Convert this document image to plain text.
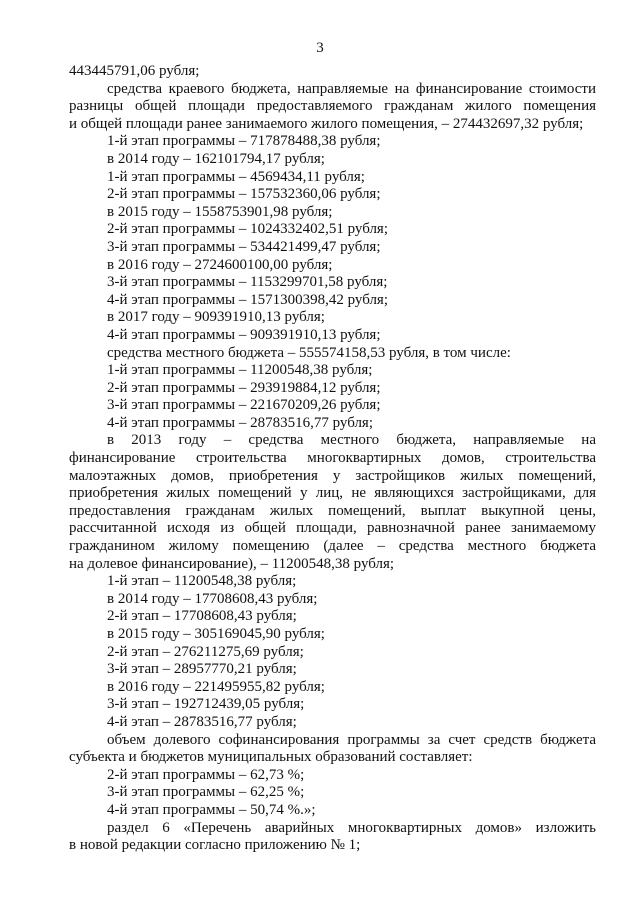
3
443445791,06 рубля;
средства краевого бюджета, направляемые на финансирование стоимости
разницы общей площади предоставляемого гражданам жилого помещения
и общей площади ранее занимаемого жилого помещения, – 274432697,32 рубля;
1-й этап программы – 717878488,38 рубля;
в 2014 году – 162101794,17 рубля;
1-й этап программы – 4569434,11 рубля;
2-й этап программы – 157532360,06 рубля;
в 2015 году – 1558753901,98 рубля;
2-й этап программы – 1024332402,51 рубля;
3-й этап программы – 534421499,47 рубля;
в 2016 году – 2724600100,00 рубля;
3-й этап программы – 1153299701,58 рубля;
4-й этап программы – 1571300398,42 рубля;
в 2017 году – 909391910,13 рубля;
4-й этап программы – 909391910,13 рубля;
средства местного бюджета – 555574158,53 рубля, в том числе:
1-й этап программы – 11200548,38 рубля;
2-й этап программы – 293919884,12 рубля;
3-й этап программы – 221670209,26 рубля;
4-й этап программы – 28783516,77 рубля;
в 2013 году – средства местного бюджета, направляемые на
финансирование строительства многоквартирных домов, строительства
малоэтажных домов, приобретения у застройщиков жилых помещений,
приобретения жилых помещений у лиц, не являющихся застройщиками, для
предоставления гражданам жилых помещений, выплат выкупной цены,
рассчитанной исходя из общей площади, равнозначной ранее занимаемому
гражданином жилому помещению (далее – средства местного бюджета
на долевое финансирование), – 11200548,38 рубля;
1-й этап – 11200548,38 рубля;
в 2014 году – 17708608,43 рубля;
2-й этап – 17708608,43 рубля;
в 2015 году – 305169045,90 рубля;
2-й этап – 276211275,69 рубля;
3-й этап – 28957770,21 рубля;
в 2016 году – 221495955,82 рубля;
3-й этап – 192712439,05 рубля;
4-й этап – 28783516,77 рубля;
объем долевого софинансирования программы за счет средств бюджета
субъекта и бюджетов муниципальных образований составляет:
2-й этап программы – 62,73 %;
3-й этап программы – 62,25 %;
4-й этап программы – 50,74 %.»;
раздел 6 «Перечень аварийных многоквартирных домов» изложить
в новой редакции согласно приложению № 1;
